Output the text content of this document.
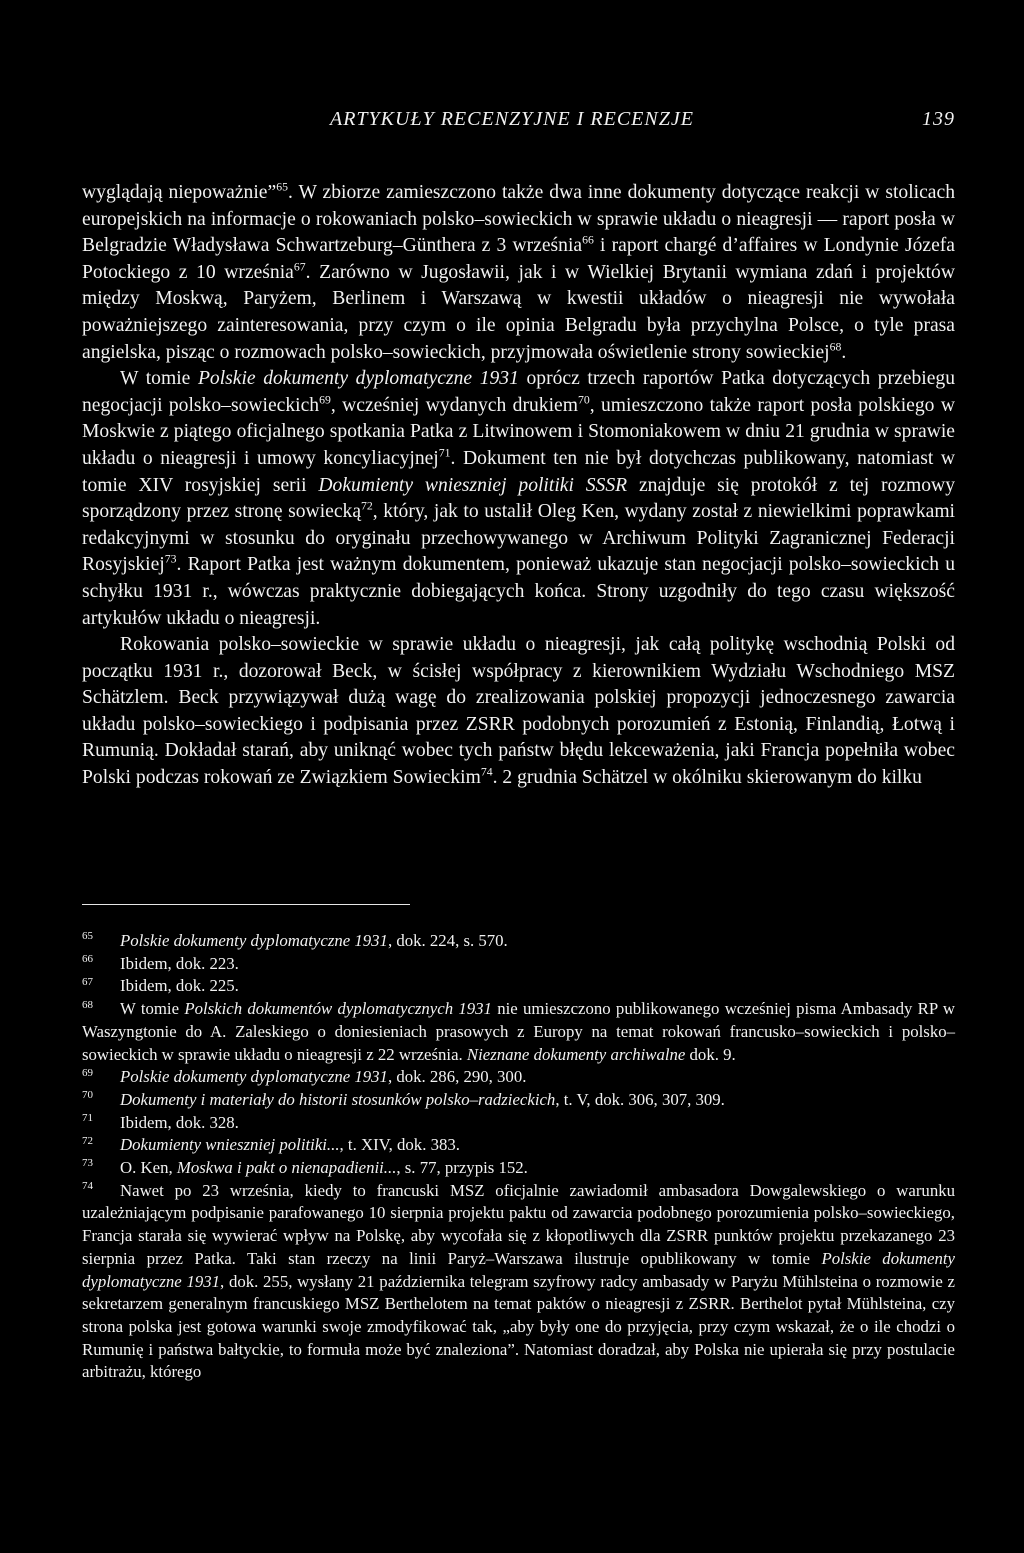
ARTYKUŁY RECENZYJNE I RECENZJE	139

wyglądają niepoważnie”$^{65}$. W zbiorze zamieszczono także dwa inne dokumenty dotyczące reakcji w stolicach europejskich na informacje o rokowaniach polsko–sowieckich w sprawie układu o nieagresji — raport posła w Belgradzie Władysława Schwartzeburg–Günthera z 3 września$^{66}$ i raport chargé d’affaires w Londynie Józefa Potockiego z 10 września$^{67}$. Zarówno w Jugosławii, jak i w Wielkiej Brytanii wymiana zdań i projektów między Moskwą, Paryżem, Berlinem i Warszawą w kwestii układów o nieagresji nie wywołała poważniejszego zainteresowania, przy czym o ile opinia Belgradu była przychylna Polsce, o tyle prasa angielska, pisząc o rozmowach polsko–sowieckich, przyjmowała oświetlenie strony sowieckiej$^{68}$.

W tomie Polskie dokumenty dyplomatyczne 1931 oprócz trzech raportów Patka dotyczących przebiegu negocjacji polsko–sowieckich$^{69}$, wcześniej wydanych drukiem$^{70}$, umieszczono także raport posła polskiego w Moskwie z piątego oficjalnego spotkania Patka z Litwinowem i Stomoniakowem w dniu 21 grudnia w sprawie układu o nieagresji i umowy koncyliacyjnej$^{71}$. Dokument ten nie był dotychczas publikowany, natomiast w tomie XIV rosyjskiej serii Dokumienty wnieszniej politiki SSSR znajduje się protokół z tej rozmowy sporządzony przez stronę sowiecką$^{72}$, który, jak to ustalił Oleg Ken, wydany został z niewielkimi poprawkami redakcyjnymi w stosunku do oryginału przechowywanego w Archiwum Polityki Zagranicznej Federacji Rosyjskiej$^{73}$. Raport Patka jest ważnym dokumentem, ponieważ ukazuje stan negocjacji polsko–sowieckich u schyłku 1931 r., wówczas praktycznie dobiegających końca. Strony uzgodniły do tego czasu większość artykułów układu o nieagresji.

Rokowania polsko–sowieckie w sprawie układu o nieagresji, jak całą politykę wschodnią Polski od początku 1931 r., dozorował Beck, w ścisłej współpracy z kierownikiem Wydziału Wschodniego MSZ Schätzlem. Beck przywiązywał dużą wagę do zrealizowania polskiej propozycji jednoczesnego zawarcia układu polsko–sowieckiego i podpisania przez ZSRR podobnych porozumień z Estonią, Finlandią, Łotwą i Rumunią. Dokładał starań, aby uniknąć wobec tych państw błędu lekceważenia, jaki Francja popełniła wobec Polski podczas rokowań ze Związkiem Sowieckim$^{74}$. 2 grudnia Schätzel w okólniku skierowanym do kilku

65 Polskie dokumenty dyplomatyczne 1931, dok. 224, s. 570.

66 Ibidem, dok. 223.

67 Ibidem, dok. 225.

68 W tomie Polskich dokumentów dyplomatycznych 1931 nie umieszczono publikowanego wcześniej pisma Ambasady RP w Waszyngtonie do A. Zaleskiego o doniesieniach prasowych z Europy na temat rokowań francusko–sowieckich i polsko–sowieckich w sprawie układu o nieagresji z 22 września. Nieznane dokumenty archiwalne dok. 9.

69 Polskie dokumenty dyplomatyczne 1931, dok. 286, 290, 300.

70 Dokumenty i materiały do historii stosunków polsko–radzieckich, t. V, dok. 306, 307, 309.

71 Ibidem, dok. 328.

72 Dokumienty wnieszniej politiki..., t. XIV, dok. 383.

73 O. Ken, Moskwa i pakt o nienapadienii..., s. 77, przypis 152.

74 Nawet po 23 września, kiedy to francuski MSZ oficjalnie zawiadomił ambasadora Dowgalewskiego o warunku uzależniającym podpisanie parafowanego 10 sierpnia projektu paktu od zawarcia podobnego porozumienia polsko–sowieckiego, Francja starała się wywierać wpływ na Polskę, aby wycofała się z kłopotliwych dla ZSRR punktów projektu przekazanego 23 sierpnia przez Patka. Taki stan rzeczy na linii Paryż–Warszawa ilustruje opublikowany w tomie Polskie dokumenty dyplomatyczne 1931, dok. 255, wysłany 21 października telegram szyfrowy radcy ambasady w Paryżu Mühlsteina o rozmowie z sekretarzem generalnym francuskiego MSZ Berthelotem na temat paktów o nieagresji z ZSRR. Berthelot pytał Mühlsteina, czy strona polska jest gotowa warunki swoje zmodyfikować tak, „aby były one do przyjęcia, przy czym wskazał, że o ile chodzi o Rumunię i państwa bałtyckie, to formuła może być znaleziona”. Natomiast doradzał, aby Polska nie upierała się przy postulacie arbitrażu, którego
